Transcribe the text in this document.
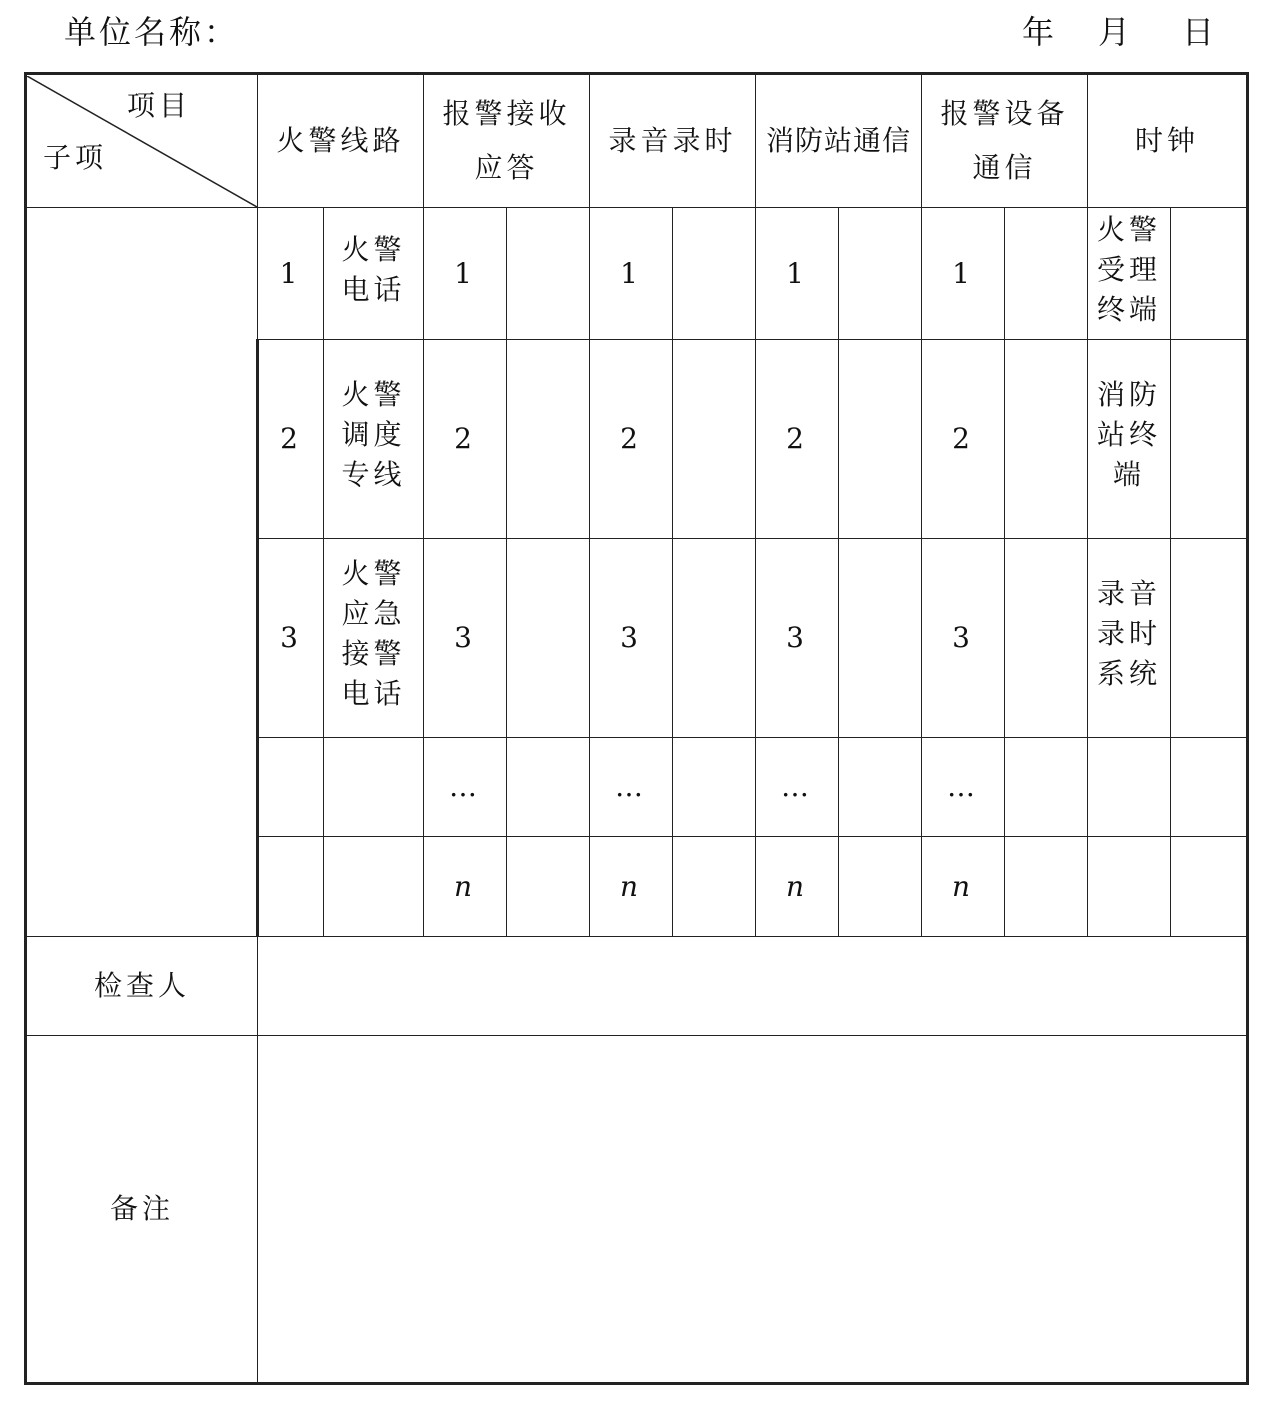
单位名称：	年 月 日
项目
子项	火警线路		报警接收应答		录音录时		消防站通信		报警设备通信		时钟	
	1	火警电话	1		1		1		1		火警受理终端	
	2	火警调度专线	2		2		2		2		消防站终端	
	3	火警应急接警电话	3		3		3		3		录音录时系统	
			…		…		…		…			
			n		n		n		n			
检查人												
备注												
